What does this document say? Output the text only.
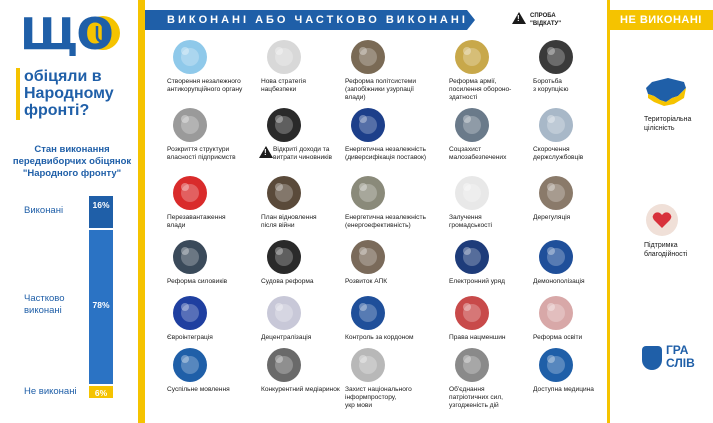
ЩО
обіцяли в
Народному
фронті?
Стан виконання
передвиборчих обіцянок
"Народного фронту"
16%
Виконані
78%
Частково
виконані
6%
Не виконані
ВИКОНАНІ АБО ЧАСТКОВО ВИКОНАНІ
!	СПРОБА
"ВІДКАТУ"
Створення незалежного
антикорупційного органу
Нова стратегія
нацбезпеки
Реформа політсистеми
(запобіжники узурпації
влади)
Реформа армії,
посилення обороно-
здатності
Боротьба
з корупцією
Розкриття структури
власності підприємств
Відкриті доходи та
витрати чиновників
!
Енергетична незалежність
(диверсифікація поставок)
Соцзахист
малозабезпечених
Скорочення
держслужбовців
Перезавантаження
влади
План відновлення
після війни
Енергетична незалежність
(енергоефективність)
Залучення
громадськості
Дерегуляція
Реформа силовиків	Судова реформа	Розвиток АПК	Електронний уряд	Демонополізація
Євроінтеграція	Децентралізація	Контроль за кордоном	Права нацменшин	Реформа освіти
Суспільне мовлення	Конкурентний медіаринок Захист національного
інформпростору,
укр мови
Об'єднання
патріотичних сил,
узгодженість дій
Доступна медицина
НЕ ВИКОНАНІ
Територіальна
цілісність
Підтримка
благодійності
ГРА
СЛІВ
